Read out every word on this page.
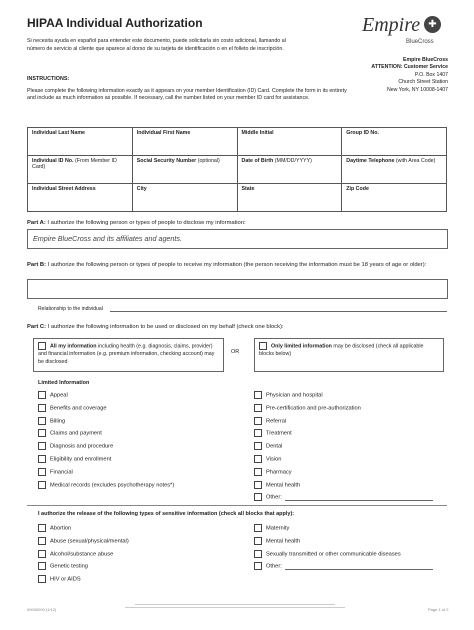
HIPAA Individual Authorization
Si necesita ayuda en español para entender este documento, puede solicitarla sin costo adicional, llamando al número de servicio al cliente que aparece al dorso de su tarjeta de identificación o en el folleto de inscripción.
Empire ✚
BlueCross
Empire BlueCross
ATTENTION: Customer Service
P.O. Box 1407
Church Street Station
New York, NY 10008-1407
INSTRUCTIONS:
Please complete the following information exactly as it appears on your member Identification (ID) Card. Complete the form in its entirety and include as much information as possible. If necessary, call the number listed on your member ID card for assistance.
Individual Last Name	Individual First Name	Middle Initial	Group ID No.
Individual ID No. (From Member ID Card)	Social Security Number (optional)	Date of Birth (MM/DD/YYYY)	Daytime Telephone (with Area Code)
Individual Street Address	City	State	Zip Code
Part A: I authorize the following person or types of people to disclose my information:
Empire BlueCross and its affiliates and agents.
Part B: I authorize the following person or types of people to receive my information (the person receiving the information must be 18 years of age or older):
Relationship to the individual
Part C: I authorize the following information to be used or disclosed on my behalf (check one block):
All my information including health (e.g. diagnosis, claims, provider) and financial information (e.g. premium information, checking account) may be disclosed
OR
Only limited information may be disclosed (check all applicable blocks below)
Limited Information
Appeal
Benefits and coverage
Billing
Claims and payment
Diagnosis and procedure
Eligibility and enrollment
Financial
Medical records (excludes psychotherapy notes*)
Physician and hospital
Pre-certification and pre-authorization
Referral
Treatment
Dental
Vision
Pharmacy
Mental health
Other:
I authorize the release of the following types of sensitive information (check all blocks that apply):
Abortion
Abuse (sexual/physical/mental)
Alcohol/substance abuse
Genetic testing
HIV or AIDS
Maternity
Mental health
Sexually transmitted or other communicable diseases
Other:
00000000 (1/12)	Page 1 of 2
